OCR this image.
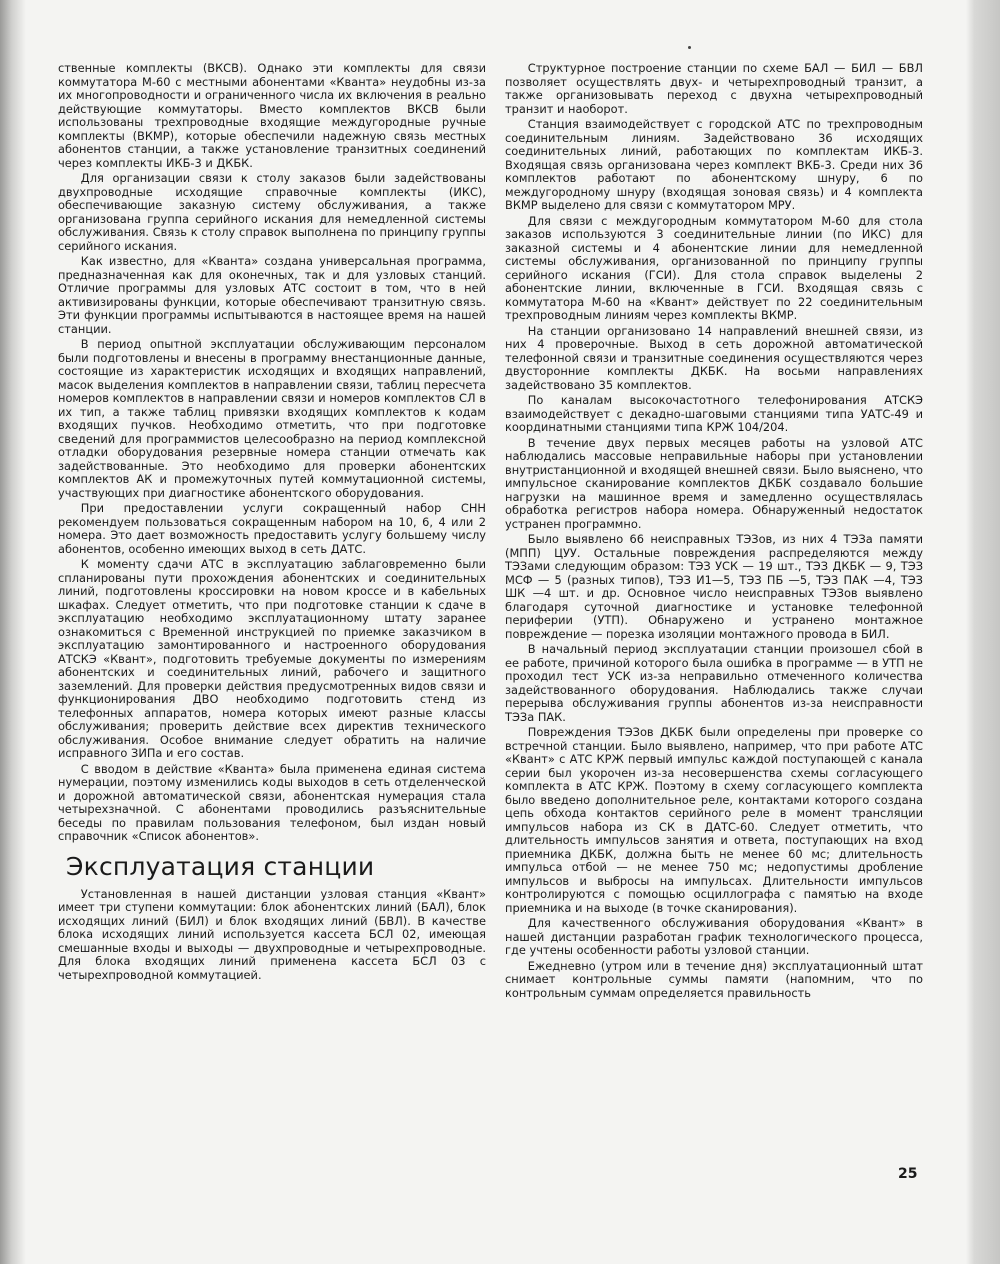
ственные комплекты (ВКСВ). Однако эти комплекты для связи коммутатора М-60 с местными абонентами «Кванта» неудобны из-за их многопроводности и ограниченного числа их включения в реально действующие коммутаторы. Вместо комплектов ВКСВ были использованы трехпроводные входящие междугородные ручные комплекты (ВКМР), которые обеспечили надежную связь местных абонентов станции, а также установление транзитных соединений через комплекты ИКБ-3 и ДКБК.

Для организации связи к столу заказов были задействованы двухпроводные исходящие справочные комплекты (ИКС), обеспечивающие заказную систему обслуживания, а также организована группа серийного искания для немедленной системы обслуживания. Связь к столу справок выполнена по принципу группы серийного искания.

Как известно, для «Кванта» создана универсальная программа, предназначенная как для оконечных, так и для узловых станций. Отличие программы для узловых АТС состоит в том, что в ней активизированы функции, которые обеспечивают транзитную связь. Эти функции программы испытываются в настоящее время на нашей станции.

В период опытной эксплуатации обслуживающим персоналом были подготовлены и внесены в программу внестанционные данные, состоящие из характеристик исходящих и входящих направлений, масок выделения комплектов в направлении связи, таблиц пересчета номеров комплектов в направлении связи и номеров комплектов СЛ в их тип, а также таблиц привязки входящих комплектов к кодам входящих пучков. Необходимо отметить, что при подготовке сведений для программистов целесообразно на период комплексной отладки оборудования резервные номера станции отмечать как задействованные. Это необходимо для проверки абонентских комплектов АК и промежуточных путей коммутационной системы, участвующих при диагностике абонентского оборудования.

При предоставлении услуги сокращенный набор СНН рекомендуем пользоваться сокращенным набором на 10, 6, 4 или 2 номера. Это дает возможность предоставить услугу большему числу абонентов, особенно имеющих выход в сеть ДАТС.

К моменту сдачи АТС в эксплуатацию заблаговременно были спланированы пути прохождения абонентских и соединительных линий, подготовлены кроссировки на новом кроссе и в кабельных шкафах. Следует отметить, что при подготовке станции к сдаче в эксплуатацию необходимо эксплуатационному штату заранее ознакомиться с Временной инструкцией по приемке заказчиком в эксплуатацию замонтированного и настроенного оборудования АТСКЭ «Квант», подготовить требуемые документы по измерениям абонентских и соединительных линий, рабочего и защитного заземлений. Для проверки действия предусмотренных видов связи и функционирования ДВО необходимо подготовить стенд из телефонных аппаратов, номера которых имеют разные классы обслуживания; проверить действие всех директив технического обслуживания. Особое внимание следует обратить на наличие исправного ЗИПа и его состав.

С вводом в действие «Кванта» была применена единая система нумерации, поэтому изменились коды выходов в сеть отделенческой и дорожной автоматической связи, абонентская нумерация стала четырехзначной. С абонентами проводились разъяснительные беседы по правилам пользования телефоном, был издан новый справочник «Список абонентов».

Эксплуатация станции

Установленная в нашей дистанции узловая станция «Квант» имеет три ступени коммутации: блок абонентских линий (БАЛ), блок исходящих линий (БИЛ) и блок входящих линий (БВЛ). В качестве блока исходящих линий используется кассета БСЛ 02, имеющая смешанные входы и выходы — двухпроводные и четырехпроводные. Для блока входящих линий применена кассета БСЛ 03 с четырехпроводной коммутацией.

Структурное построение станции по схеме БАЛ — БИЛ — БВЛ позволяет осуществлять двух- и четырехпроводный транзит, а также организовывать переход с двухна четырехпроводный транзит и наоборот.

Станция взаимодействует с городской АТС по трехпроводным соединительным линиям. Задействовано 36 исходящих соединительных линий, работающих по комплектам ИКБ-3. Входящая связь организована через комплект ВКБ-3. Среди них 36 комплектов работают по абонентскому шнуру, 6 по междугородному шнуру (входящая зоновая связь) и 4 комплекта ВКМР выделено для связи с коммутатором МРУ.

Для связи с междугородным коммутатором М-60 для стола заказов используются 3 соединительные линии (по ИКС) для заказной системы и 4 абонентские линии для немедленной системы обслуживания, организованной по принципу группы серийного искания (ГСИ). Для стола справок выделены 2 абонентские линии, включенные в ГСИ. Входящая связь с коммутатора М-60 на «Квант» действует по 22 соединительным трехпроводным линиям через комплекты ВКМР.

На станции организовано 14 направлений внешней связи, из них 4 проверочные. Выход в сеть дорожной автоматической телефонной связи и транзитные соединения осуществляются через двусторонние комплекты ДКБК. На восьми направлениях задействовано 35 комплектов.

По каналам высокочастотного телефонирования АТСКЭ взаимодействует с декадно-шаговыми станциями типа УАТС-49 и координатными станциями типа КРЖ 104/204.

В течение двух первых месяцев работы на узловой АТС наблюдались массовые неправильные наборы при установлении внутристанционной и входящей внешней связи. Было выяснено, что импульсное сканирование комплектов ДКБК создавало большие нагрузки на машинное время и замедленно осуществлялась обработка регистров набора номера. Обнаруженный недостаток устранен программно.

Было выявлено 66 неисправных ТЭЗов, из них 4 ТЭЗа памяти (МПП) ЦУУ. Остальные повреждения распределяются между ТЭЗами следующим образом: ТЭЗ УСК — 19 шт., ТЭЗ ДКБК — 9, ТЭЗ МСФ — 5 (разных типов), ТЭЗ И1—5, ТЭЗ ПБ —5, ТЭЗ ПАК —4, ТЭЗ ШК —4 шт. и др. Основное число неисправных ТЭЗов выявлено благодаря суточной диагностике и установке телефонной периферии (УТП). Обнаружено и устранено монтажное повреждение — порезка изоляции монтажного провода в БИЛ.

В начальный период эксплуатации станции произошел сбой в ее работе, причиной которого была ошибка в программе — в УТП не проходил тест УСК из-за неправильно отмеченного количества задействованного оборудования. Наблюдались также случаи перерыва обслуживания группы абонентов из-за неисправности ТЭЗа ПАК.

Повреждения ТЭЗов ДКБК были определены при проверке со встречной станции. Было выявлено, например, что при работе АТС «Квант» с АТС КРЖ первый импульс каждой поступающей с канала серии был укорочен из-за несовершенства схемы согласующего комплекта в АТС КРЖ. Поэтому в схему согласующего комплекта было введено дополнительное реле, контактами которого создана цепь обхода контактов серийного реле в момент трансляции импульсов набора из СК в ДАТС-60. Следует отметить, что длительность импульсов занятия и ответа, поступающих на вход приемника ДКБК, должна быть не менее 60 мс; длительность импульса отбой — не менее 750 мс; недопустимы дробление импульсов и выбросы на импульсах. Длительности импульсов контролируются с помощью осциллографа с памятью на входе приемника и на выходе (в точке сканирования).

Для качественного обслуживания оборудования «Квант» в нашей дистанции разработан график технологического процесса, где учтены особенности работы узловой станции.

Ежедневно (утром или в течение дня) эксплуатационный штат снимает контрольные суммы памяти (напомним, что по контрольным суммам определяется правильность

25
